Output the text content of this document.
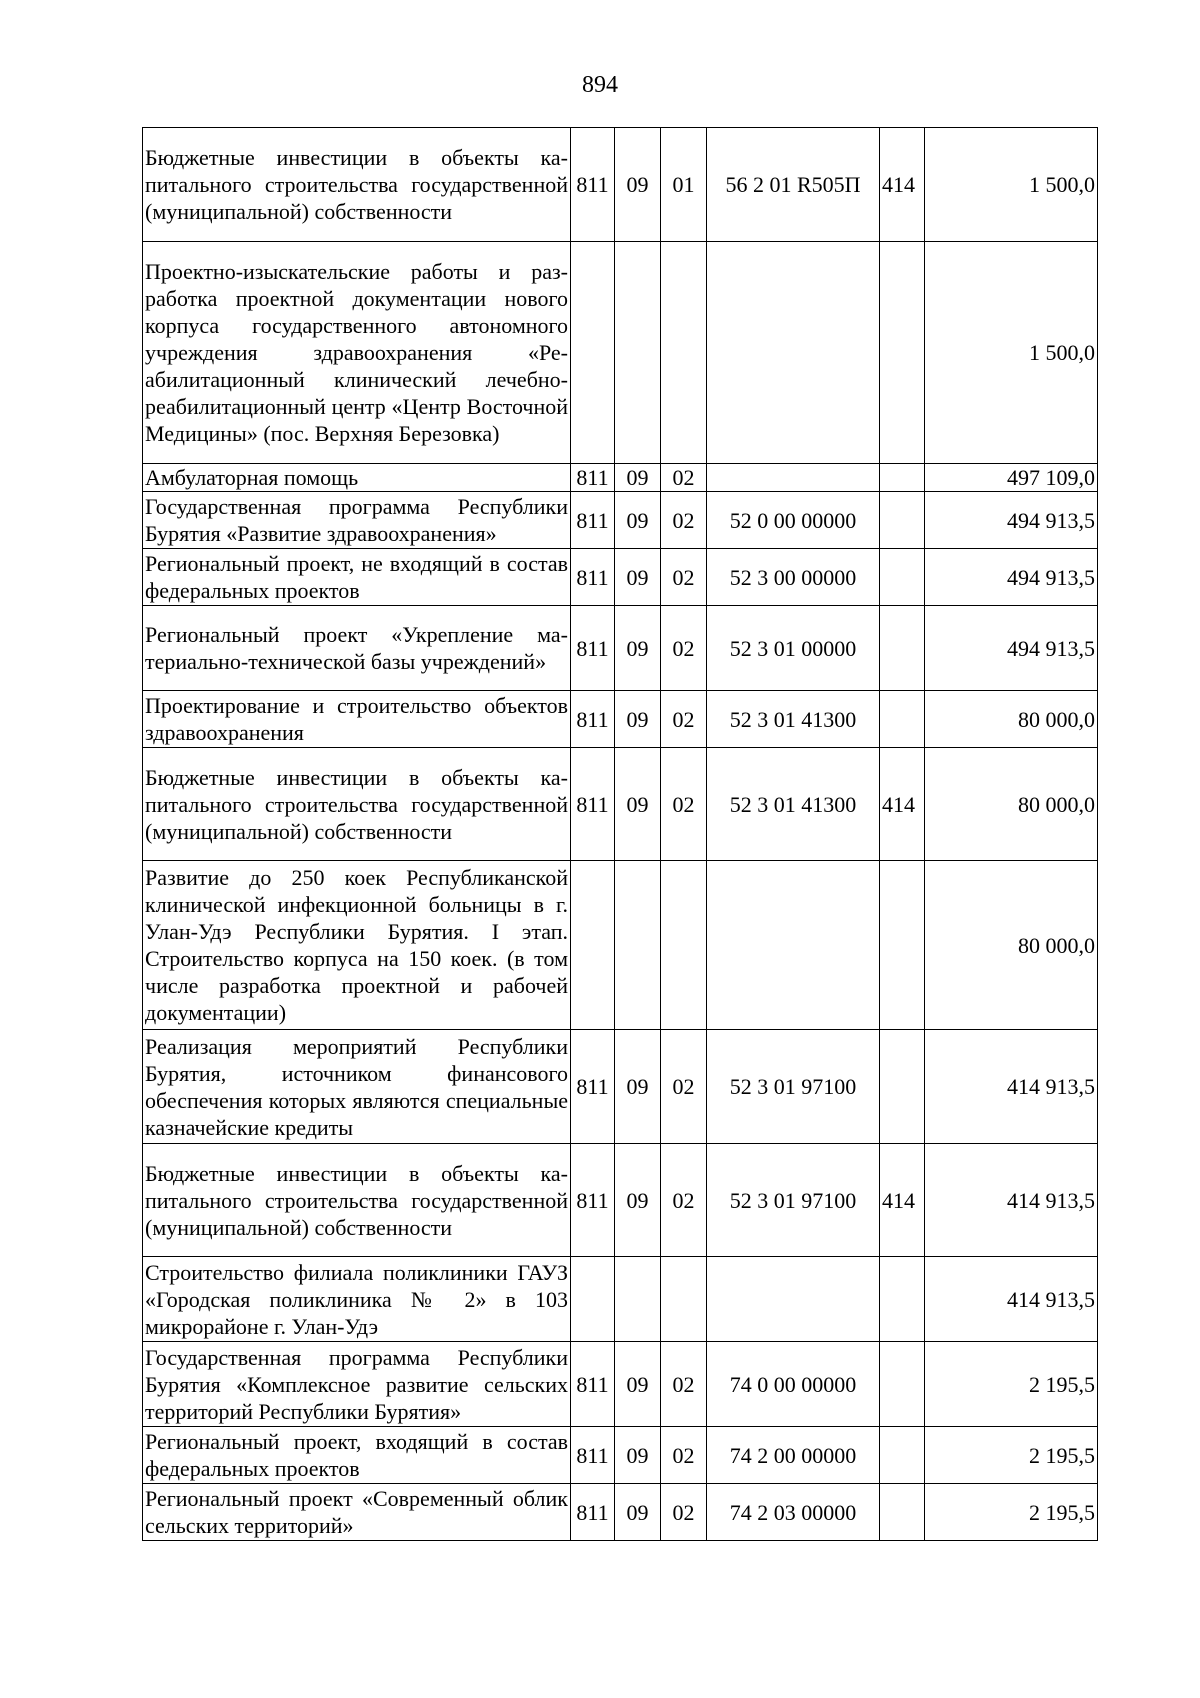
894
Бюджетные инвестиции в объекты капитального строительства государственной (муниципальной) собственности	811	09	01	56 2 01 R505П	414	1 500,0
Проектно-изыскательские работы и разработка проектной документации нового корпуса государственного автономного учреждения здравоохранения «Реабилитационный клинический лечебно-реабилитационный центр «Центр Восточной Медицины» (пос. Верхняя Березовка)						1 500,0
Амбулаторная помощь	811	09	02			497 109,0
Государственная программа Республики Бурятия «Развитие здравоохранения»	811	09	02	52 0 00 00000		494 913,5
Региональный проект, не входящий в состав федеральных проектов	811	09	02	52 3 00 00000		494 913,5
Региональный проект «Укрепление материально-технической базы учреждений»	811	09	02	52 3 01 00000		494 913,5
Проектирование и строительство объектов здравоохранения	811	09	02	52 3 01 41300		80 000,0
Бюджетные инвестиции в объекты капитального строительства государственной (муниципальной) собственности	811	09	02	52 3 01 41300	414	80 000,0
Развитие до 250 коек Республиканской клинической инфекционной больницы в г. Улан-Удэ Республики Бурятия. I этап. Строительство корпуса на 150 коек. (в том числе разработка проектной и рабочей документации)						80 000,0
Реализация мероприятий Республики Бурятия, источником финансового обеспечения которых являются специальные казначейские кредиты	811	09	02	52 3 01 97100		414 913,5
Бюджетные инвестиции в объекты капитального строительства государственной (муниципальной) собственности	811	09	02	52 3 01 97100	414	414 913,5
Строительство филиала поликлиники ГАУЗ «Городская поликлиника № 2» в 103 микрорайоне г. Улан-Удэ						414 913,5
Государственная программа Республики Бурятия «Комплексное развитие сельских территорий Республики Бурятия»	811	09	02	74 0 00 00000		2 195,5
Региональный проект, входящий в состав федеральных проектов	811	09	02	74 2 00 00000		2 195,5
Региональный проект «Современный облик сельских территорий»	811	09	02	74 2 03 00000		2 195,5
